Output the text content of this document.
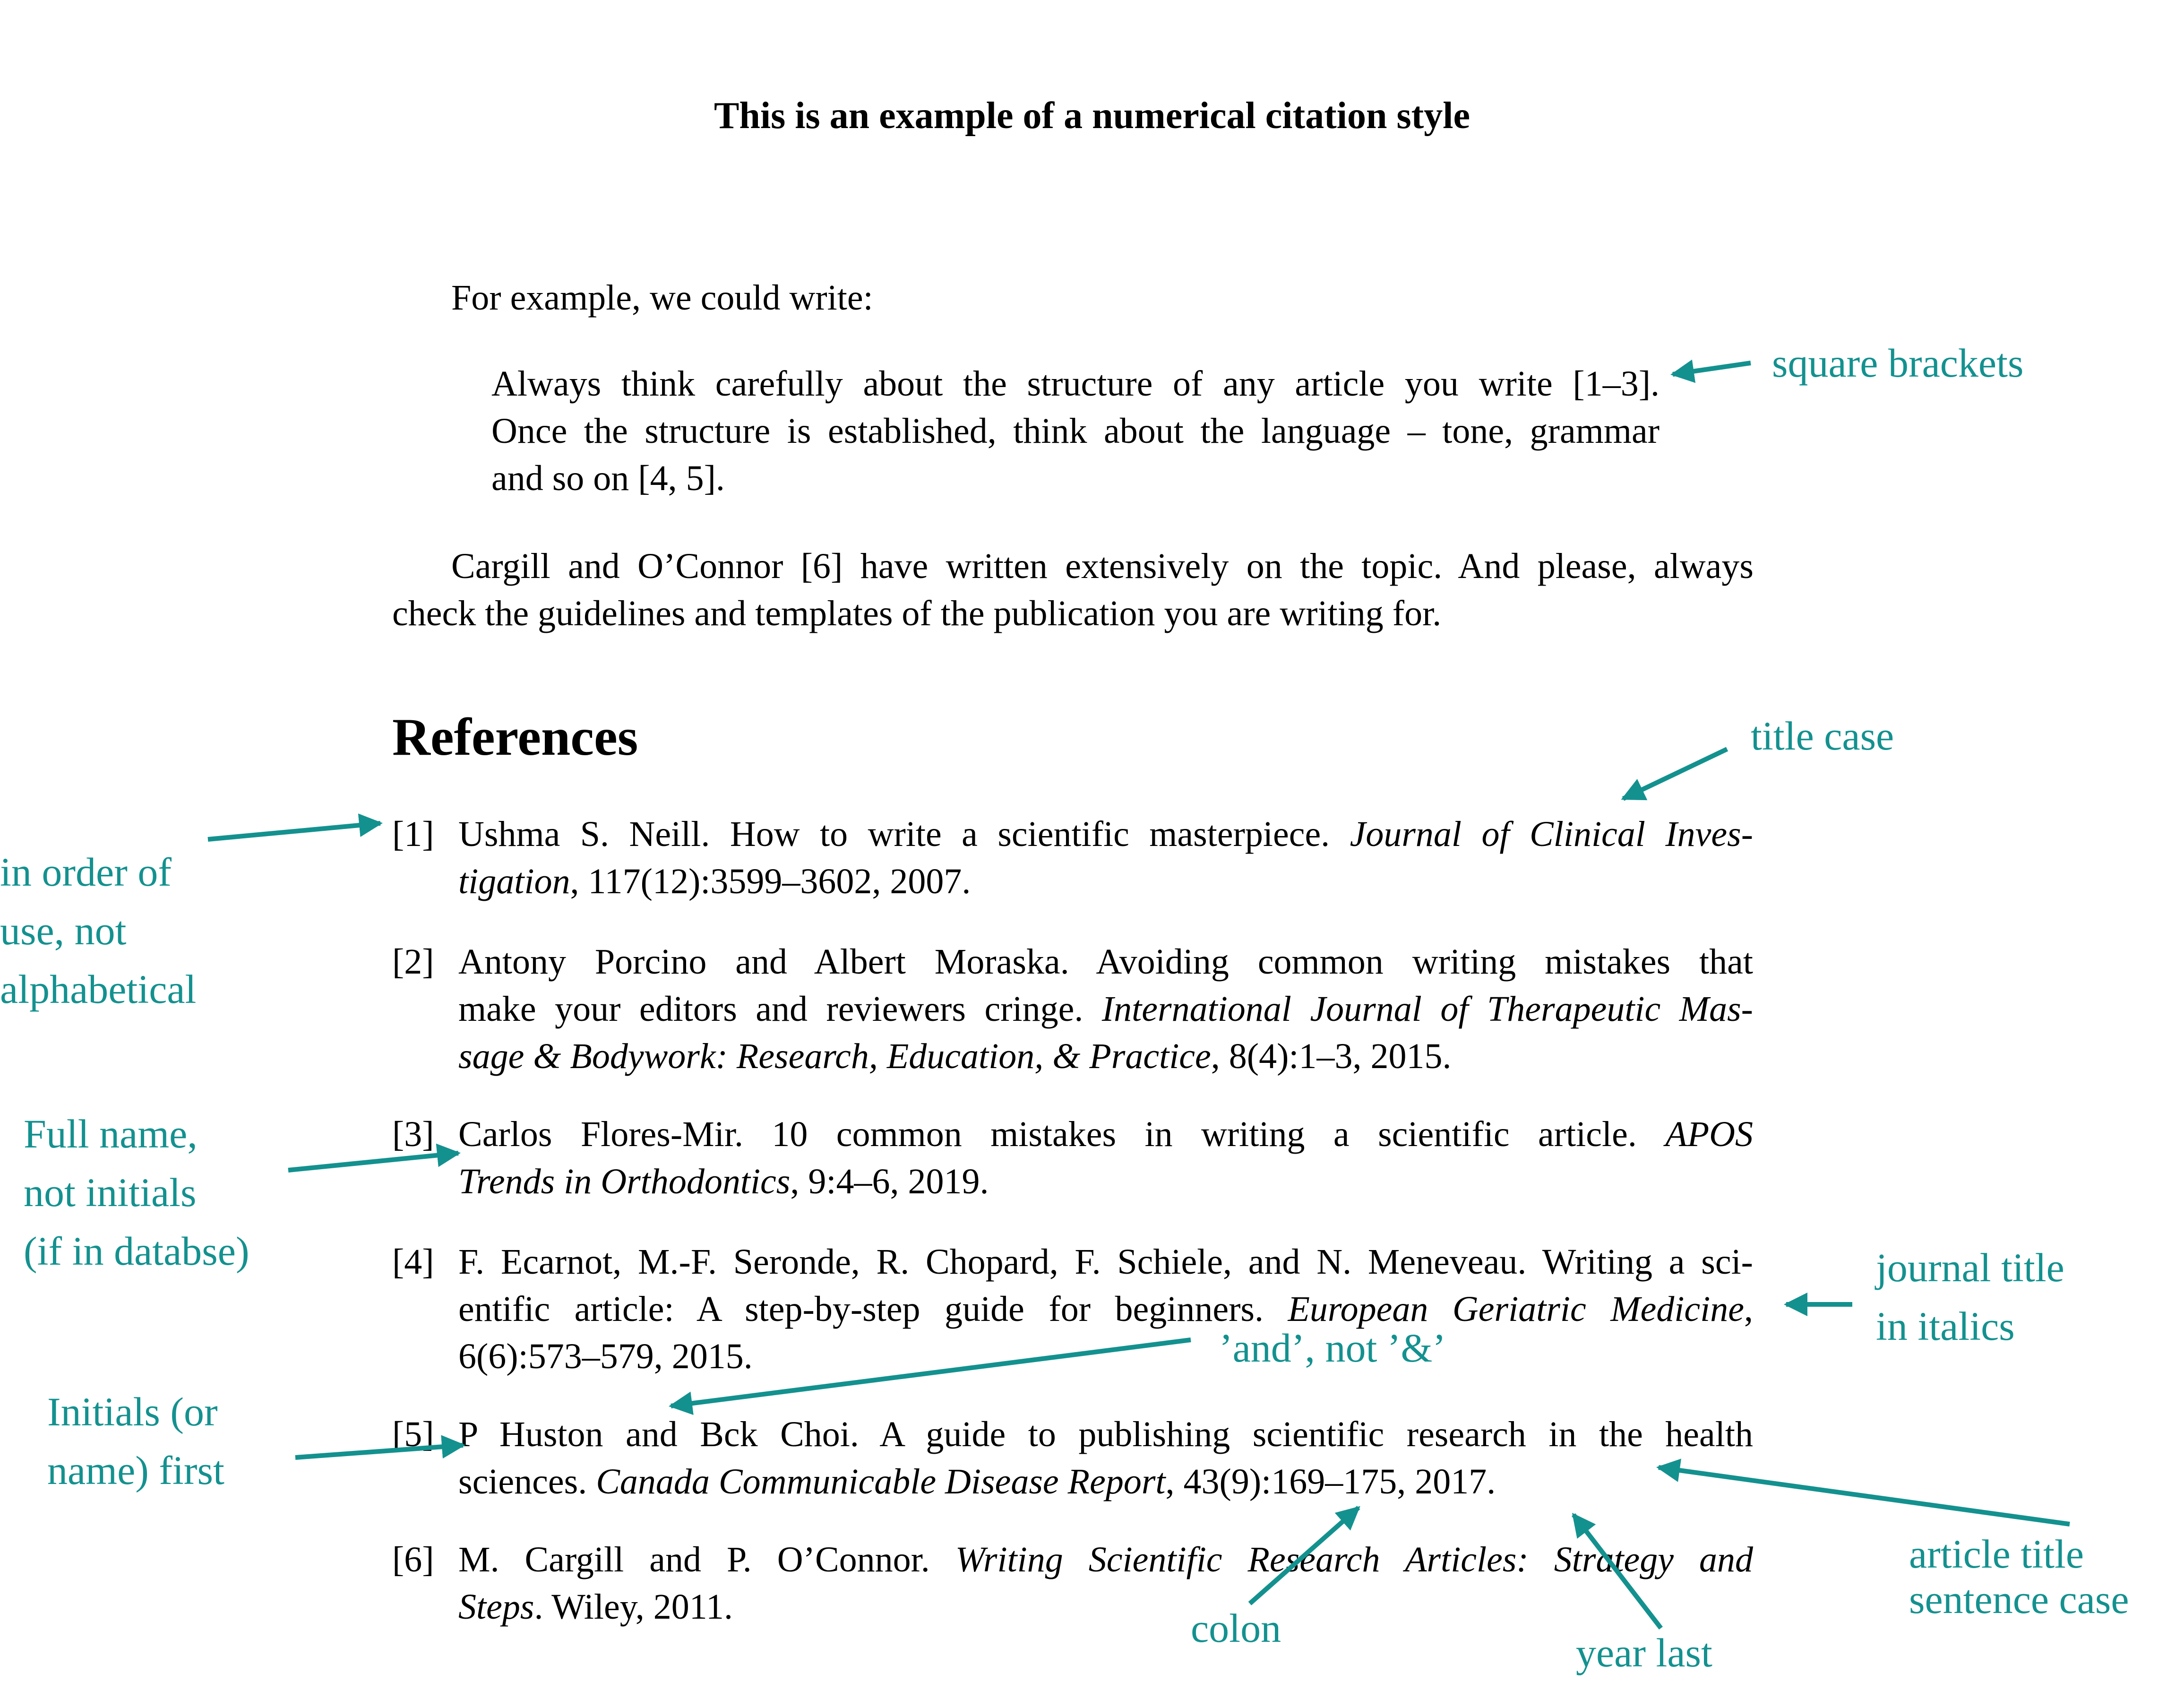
This is an example of a numerical citation style
For example, we could write:
Always think carefully about the structure of any article you write [1–3].
Once the structure is established, think about the language – tone, grammar
and so on [4, 5].
Cargill and O’Connor [6] have written extensively on the topic. And please, always
check the guidelines and templates of the publication you are writing for.
References
[1] Ushma S. Neill. How to write a scientific masterpiece. Journal of Clinical Inves-
tigation, 117(12):3599–3602, 2007.
[2] Antony Porcino and Albert Moraska. Avoiding common writing mistakes that
make your editors and reviewers cringe. International Journal of Therapeutic Mas-
sage & Bodywork: Research, Education, & Practice, 8(4):1–3, 2015.
[3] Carlos Flores-Mir. 10 common mistakes in writing a scientific article. APOS
Trends in Orthodontics, 9:4–6, 2019.
[4] F. Ecarnot, M.-F. Seronde, R. Chopard, F. Schiele, and N. Meneveau. Writing a sci-
entific article: A step-by-step guide for beginners. European Geriatric Medicine,
6(6):573–579, 2015.
[5] P Huston and Bck Choi. A guide to publishing scientific research in the health
sciences. Canada Communicable Disease Report, 43(9):169–175, 2017.
[6] M. Cargill and P. O’Connor. Writing Scientific Research Articles: Strategy and
Steps. Wiley, 2011.
square brackets
title case
in order of
use, not
alphabetical
Full name,
not initials
(if in databse)	journal title
in italics
’and’, not ’&’
Initials (or
name) first
article title
sentence case
colon
year last
